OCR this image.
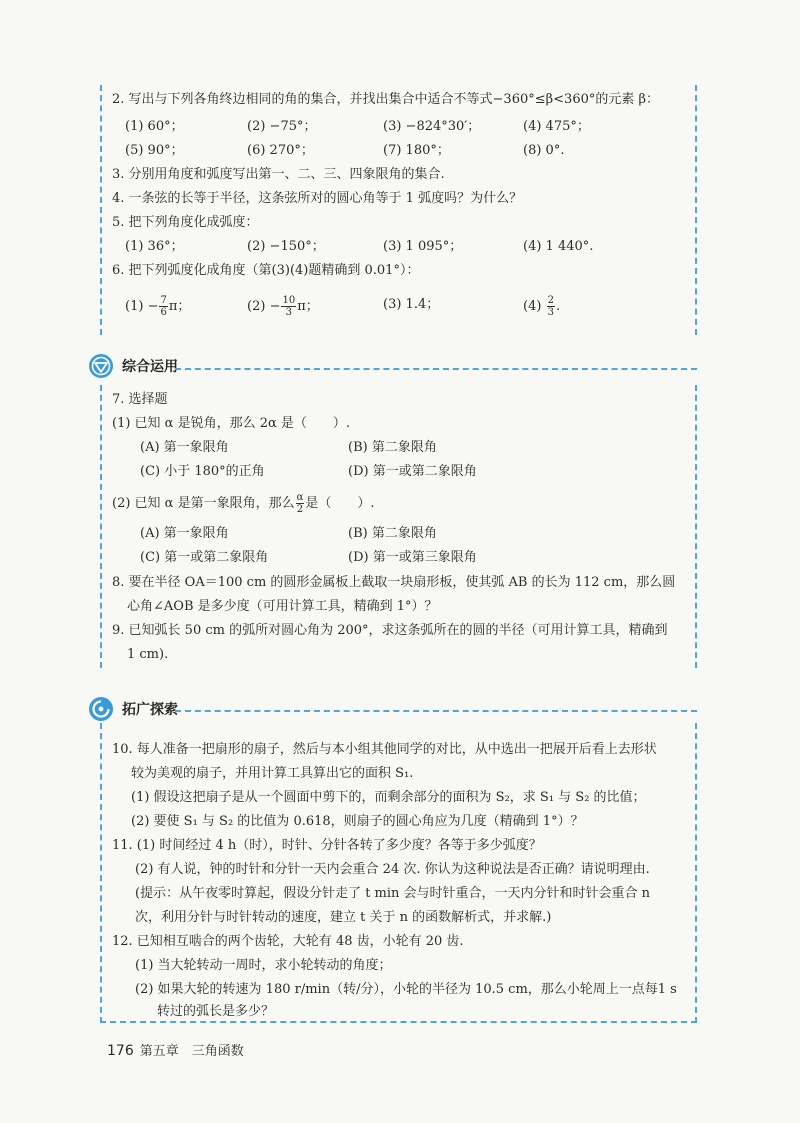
2. 写出与下列各角终边相同的角的集合，并找出集合中适合不等式−360°≤β<360°的元素 β：
(1) 60°；	(2) −75°；	(3) −824°30′；	(4) 475°；
(5) 90°；	(6) 270°；	(7) 180°；	(8) 0°.
3. 分别用角度和弧度写出第一、二、三、四象限角的集合.
4. 一条弦的长等于半径，这条弦所对的圆心角等于 1 弧度吗？为什么？
5. 把下列角度化成弧度：
(1) 36°；	(2) −150°；	(3) 1 095°；	(4) 1 440°.
6. 把下列弧度化成角度（第(3)(4)题精确到 0.01°）：
$(1) - \frac{7}{6}$ π；	$(2) - \frac{10}{3}$ π；	(3) 1.4；	$(4) \frac{2}{3}$ .
综合运用
7. 选择题
(1) 已知 α 是锐角，那么 2α 是（　　）.
(A) 第一象限角	(B) 第二象限角
(C) 小于 180°的正角	(D) 第一或第二象限角
(2) 已知 α 是第一象限角，那么 $\frac{\alpha}{2}$ 是（　　）.
(A) 第一象限角	(B) 第二象限角
(C) 第一或第二象限角	(D) 第一或第三象限角
8. 要在半径 OA＝100 cm 的圆形金属板上截取一块扇形板，使其弧 AB 的长为 112 cm，那么圆
心角∠AOB 是多少度（可用计算工具，精确到 1°）？
9. 已知弧长 50 cm 的弧所对圆心角为 200°，求这条弧所在的圆的半径（可用计算工具，精确到
1 cm).
拓广探索
10. 每人准备一把扇形的扇子，然后与本小组其他同学的对比，从中选出一把展开后看上去形状
较为美观的扇子，并用计算工具算出它的面积 S₁.
(1) 假设这把扇子是从一个圆面中剪下的，而剩余部分的面积为 S₂，求 S₁ 与 S₂ 的比值；
(2) 要使 S₁ 与 S₂ 的比值为 0.618，则扇子的圆心角应为几度（精确到 1°）？
11. (1) 时间经过 4 h（时），时针、分针各转了多少度？各等于多少弧度？
(2) 有人说，钟的时针和分针一天内会重合 24 次. 你认为这种说法是否正确？请说明理由.
(提示：从午夜零时算起，假设分针走了 t min 会与时针重合，一天内分针和时针会重合 n
次，利用分针与时针转动的速度，建立 t 关于 n 的函数解析式，并求解.)
12. 已知相互啮合的两个齿轮，大轮有 48 齿，小轮有 20 齿.
(1) 当大轮转动一周时，求小轮转动的角度；
(2) 如果大轮的转速为 180 r/min（转/分），小轮的半径为 10.5 cm，那么小轮周上一点每1 s
转过的弧长是多少？
176 第五章　三角函数
